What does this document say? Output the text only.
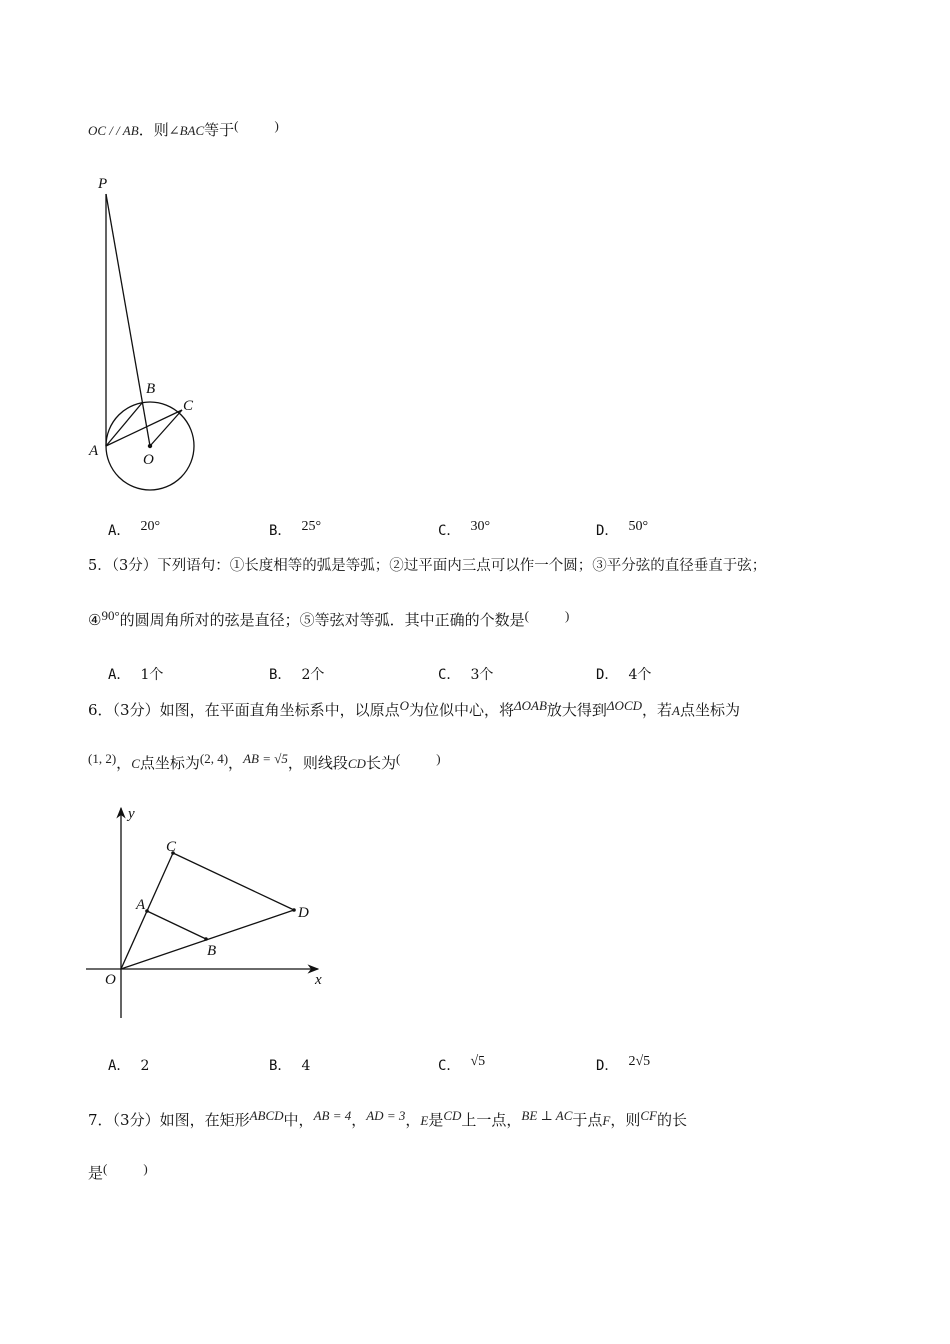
OC / / AB．则∠BAC等于(	)
P
B
C
A
O
A． 20°	B． 25°	C． 30°	D． 50°
5．（3分）下列语句：①长度相等的弧是等弧；②过平面内三点可以作一个圆；③平分弦的直径垂直于弦；
④90°的圆周角所对的弦是直径；⑤等弦对等弧．其中正确的个数是(	)
A． 1个	B． 2个	C． 3个	D． 4个
6．（3分）如图，在平面直角坐标系中，以原点O为位似中心，将ΔOAB放大得到ΔOCD，若A点坐标为
(1, 2)，C点坐标为(2, 4)，AB = √5，则线段CD长为(	)
y
x
C
A	D
B
O
A． 2	B． 4	C． √5	D． 2√5
7．（3分）如图，在矩形ABCD中，AB = 4，AD = 3，E是CD上一点，BE ⊥ AC于点F，则CF的长
是(	)
